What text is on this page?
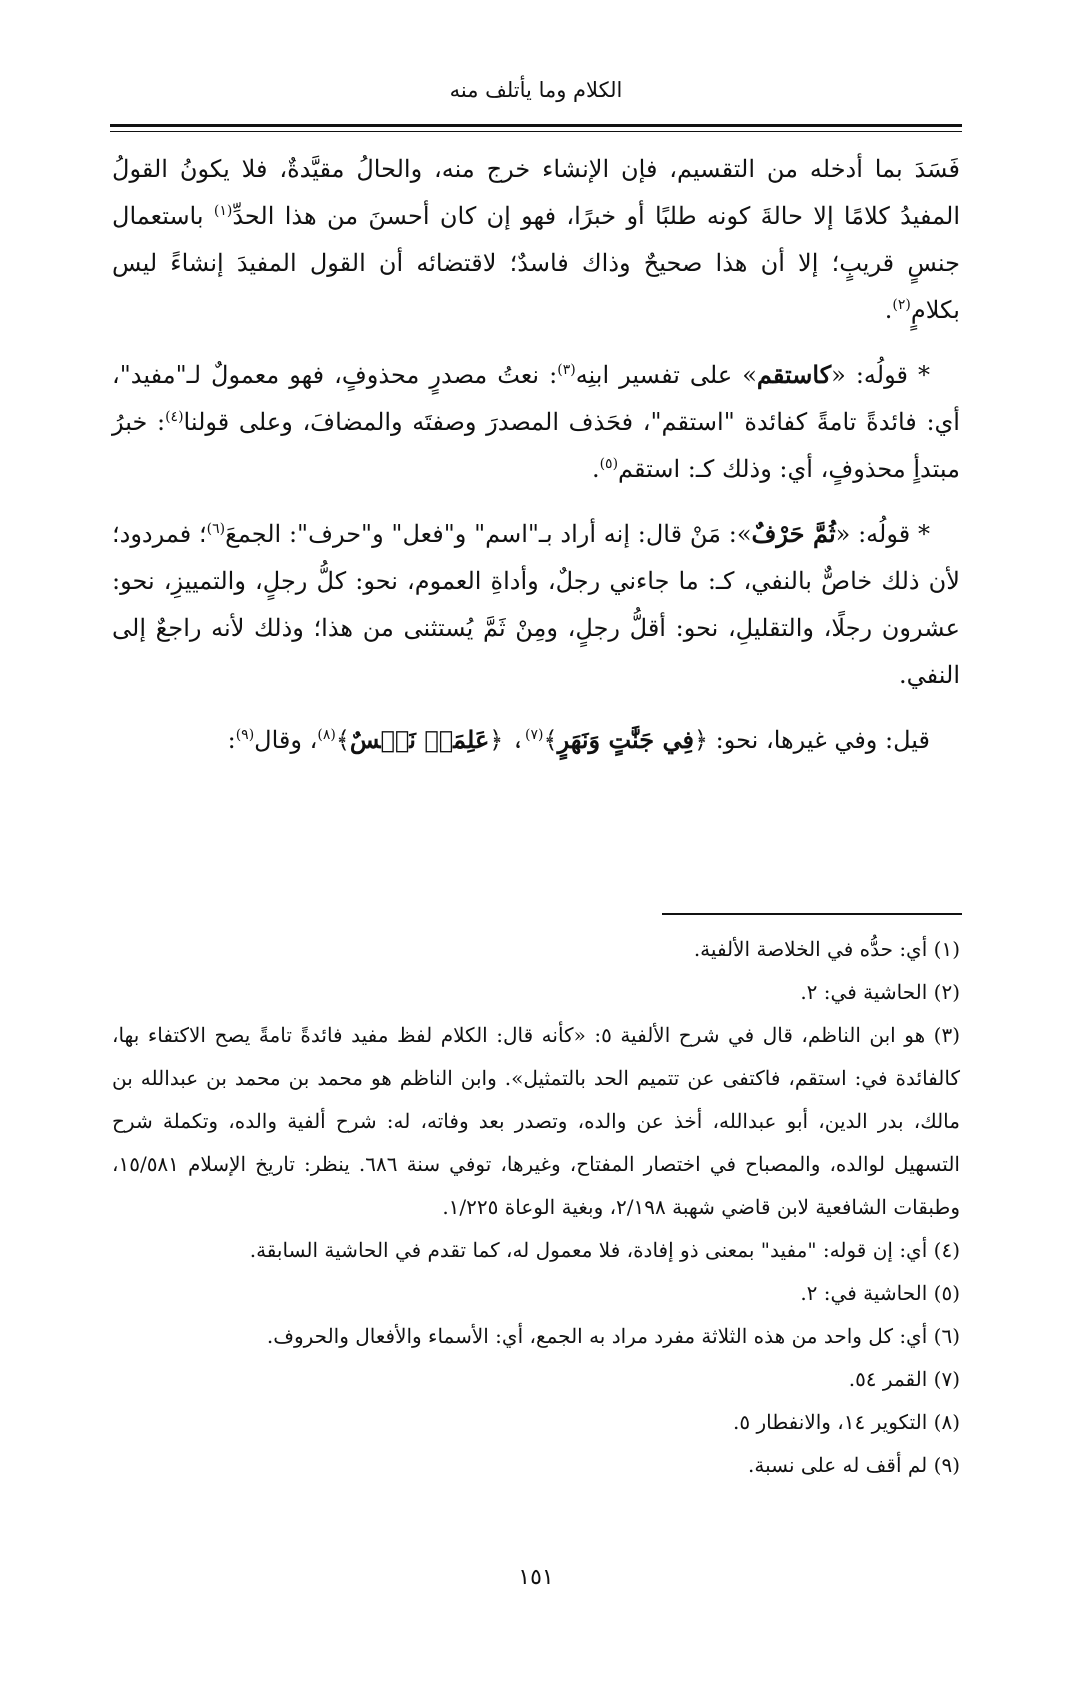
الكلام وما يأتلف منه

فَسَدَ بما أدخله من التقسيم، فإن الإنشاء خرج منه، والحالُ مقيَّدةٌ، فلا يكونُ القولُ المفيدُ كلامًا إلا حالةَ كونه طلبًا أو خبرًا، فهو إن كان أحسنَ من هذا الحدِّ$^{(١)}$ باستعمال جنسٍ قريبٍ؛ إلا أن هذا صحيحٌ وذاك فاسدٌ؛ لاقتضائه أن القول المفيدَ إنشاءً ليس بكلامٍ$^{(٢)}$.

* قولُه: «كاستقم» على تفسير ابنِه$^{(٣)}$: نعتُ مصدرٍ محذوفٍ، فهو معمولٌ لـ"مفيد"، أي: فائدةً تامةً كفائدة "استقم"، فحَذف المصدرَ وصفتَه والمضافَ، وعلى قولنا$^{(٤)}$: خبرُ مبتدأٍ محذوفٍ، أي: وذلك كـ: استقم$^{(٥)}$.

* قولُه: «ثُمَّ حَرْفٌ»: مَنْ قال: إنه أراد بـ"اسم" و"فعل" و"حرف": الجمعَ$^{(٦)}$؛ فمردود؛ لأن ذلك خاصٌّ بالنفي، كـ: ما جاءني رجلٌ، وأداةِ العموم، نحو: كلُّ رجلٍ، والتمييزِ، نحو: عشرون رجلًا، والتقليلِ، نحو: أقلُّ رجلٍ، ومِنْ ثَمَّ يُستثنى من هذا؛ وذلك لأنه راجعٌ إلى النفي.

قيل: وفي غيرها، نحو: ﴿فِي جَنَّٰتٍ وَنَهَرٍ﴾$^{(٧)}$، ﴿عَلِمَتۡ نَفۡسٌ﴾$^{(٨)}$، وقال$^{(٩)}$:

(١) أي: حدُّه في الخلاصة الألفية.

(٢) الحاشية في: ٢.

(٣) هو ابن الناظم، قال في شرح الألفية ٥: «كأنه قال: الكلام لفظ مفيد فائدةً تامةً يصح الاكتفاء بها، كالفائدة في: استقم، فاكتفى عن تتميم الحد بالتمثيل». وابن الناظم هو محمد بن محمد بن عبدالله بن مالك، بدر الدين، أبو عبدالله، أخذ عن والده، وتصدر بعد وفاته، له: شرح ألفية والده، وتكملة شرح التسهيل لوالده، والمصباح في اختصار المفتاح، وغيرها، توفي سنة ٦٨٦. ينظر: تاريخ الإسلام ١٥/٥٨١، وطبقات الشافعية لابن قاضي شهبة ٢/١٩٨، وبغية الوعاة ١/٢٢٥.

(٤) أي: إن قوله: "مفيد" بمعنى ذو إفادة، فلا معمول له، كما تقدم في الحاشية السابقة.

(٥) الحاشية في: ٢.

(٦) أي: كل واحد من هذه الثلاثة مفرد مراد به الجمع، أي: الأسماء والأفعال والحروف.

(٧) القمر ٥٤.

(٨) التكوير ١٤، والانفطار ٥.

(٩) لم أقف له على نسبة.

١٥١
